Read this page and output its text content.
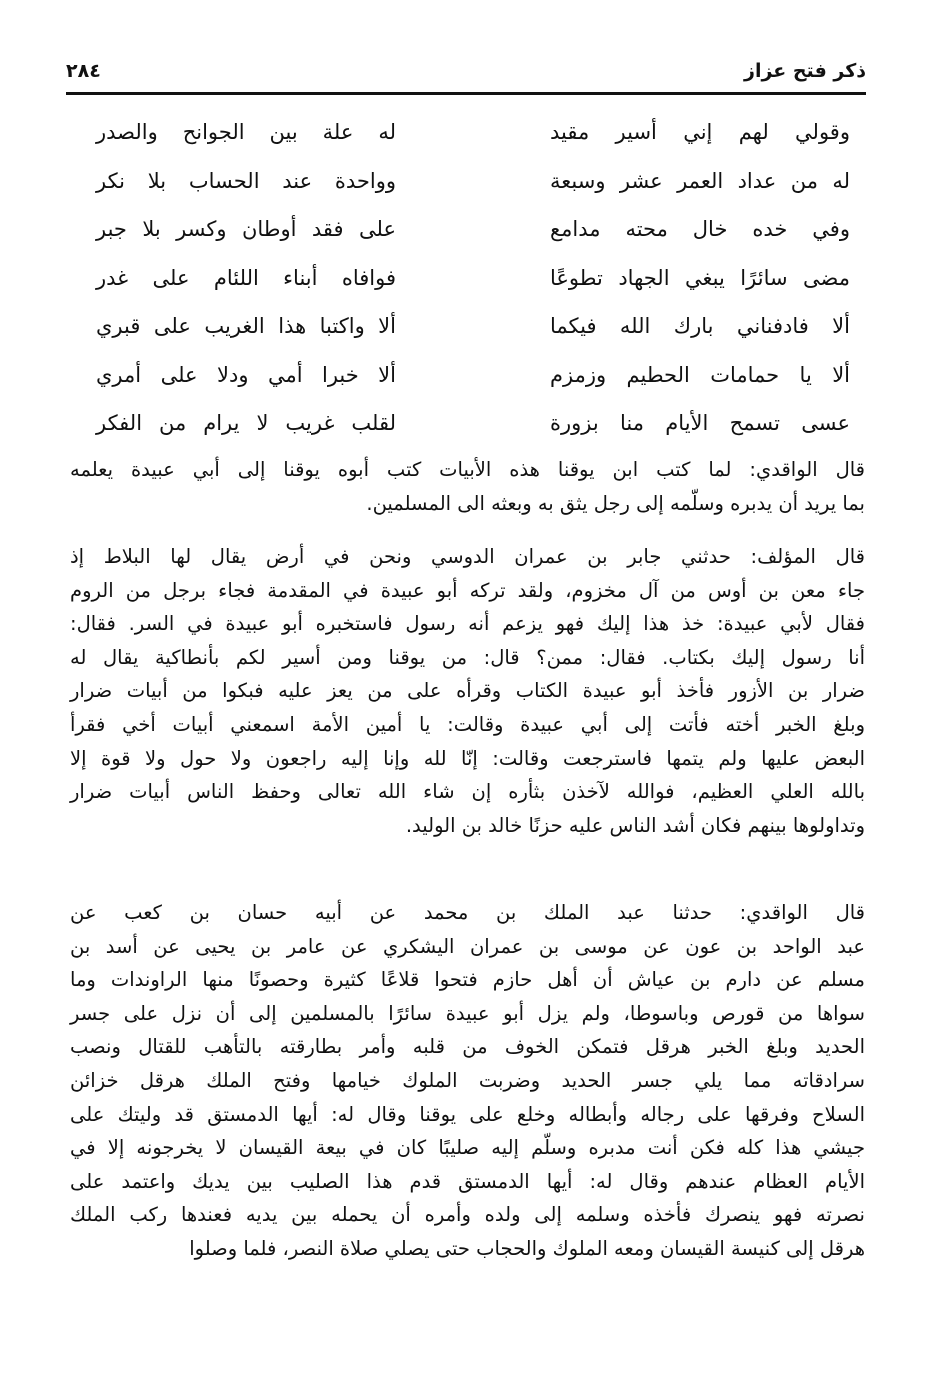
ذكر فتح عزاز
٢٨٤
وقولي لهم إني أسير مقيد
له علة بين الجوانح والصدر
له من عداد العمر عشر وسبعة
وواحدة عند الحساب بلا نكر
وفي خده خال محته مدامع
على فقد أوطان وكسر بلا جبر
مضى سائرًا يبغي الجهاد تطوعًا
فوافاه أبناء اللئام على غدر
ألا فادفناني بارك الله فيكما
ألا واكتبا هذا الغريب على قبري
ألا يا حمامات الحطيم وزمزم
ألا خبرا أمي ودلا على أمري
عسى تسمح الأيام منا بزورة
لقلب غريب لا يرام من الفكر
قال الواقدي: لما كتب ابن يوقنا هذه الأبيات كتب أبوه يوقنا إلى أبي عبيدة يعلمه
بما يريد أن يدبره وسلّمه إلى رجل يثق به وبعثه الى المسلمين.
قال المؤلف: حدثني جابر بن عمران الدوسي ونحن في أرض يقال لها البلاط إذ
جاء معن بن أوس من آل مخزوم، ولقد تركه أبو عبيدة في المقدمة فجاء برجل من الروم
فقال لأبي عبيدة: خذ هذا إليك فهو يزعم أنه رسول فاستخبره أبو عبيدة في السر. فقال:
أنا رسول إليك بكتاب. فقال: ممن؟ قال: من يوقنا ومن أسير لكم بأنطاكية يقال له
ضرار بن الأزور فأخذ أبو عبيدة الكتاب وقرأه على من يعز عليه فبكوا من أبيات ضرار
وبلغ الخبر أخته فأتت إلى أبي عبيدة وقالت: يا أمين الأمة اسمعني أبيات أخي فقرأ
البعض عليها ولم يتمها فاسترجعت وقالت: إنّا لله وإنا إليه راجعون ولا حول ولا قوة إلا
بالله العلي العظيم، فوالله لآخذن بثأره إن شاء الله تعالى وحفظ الناس أبيات ضرار
وتداولوها بينهم فكان أشد الناس عليه حزنًا خالد بن الوليد.
قال الواقدي: حدثنا عبد الملك بن محمد عن أبيه حسان بن كعب عن
عبد الواحد بن عون عن موسى بن عمران اليشكري عن عامر بن يحيى عن أسد بن
مسلم عن دارم بن عياش أن أهل حازم فتحوا قلاعًا كثيرة وحصونًا منها الراوندات وما
سواها من قورص وباسوطا، ولم يزل أبو عبيدة سائرًا بالمسلمين إلى أن نزل على جسر
الحديد وبلغ الخبر هرقل فتمكن الخوف من قلبه وأمر بطارقته بالتأهب للقتال ونصب
سرادقاته مما يلي جسر الحديد وضربت الملوك خيامها وفتح الملك هرقل خزائن
السلاح وفرقها على رجاله وأبطاله وخلع على يوقنا وقال له: أيها الدمستق قد وليتك على
جيشي هذا كله فكن أنت مدبره وسلّم إليه صليبًا كان في بيعة القيسان لا يخرجونه إلا في
الأيام العظام عندهم وقال له: أيها الدمستق قدم هذا الصليب بين يديك واعتمد على
نصرته فهو ينصرك فأخذه وسلمه إلى ولده وأمره أن يحمله بين يديه فعندها ركب الملك
هرقل إلى كنيسة القيسان ومعه الملوك والحجاب حتى يصلي صلاة النصر، فلما وصلوا
